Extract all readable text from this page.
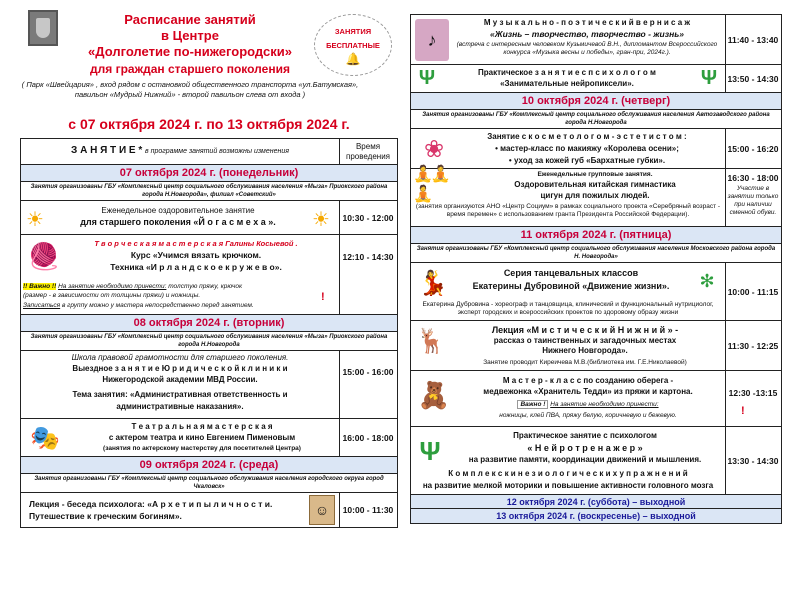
Расписание занятий
в Центре
«Долголетие по-нижегородски»
для граждан старшего поколения
( Парк «Швейцария» , вход рядом с остановкой общественного транспорта «ул.Батумская», павильон «Мудрый Нижний» - второй павильон слева от входа )
ЗАНЯТИЯ
БЕСПЛАТНЫЕ
🔔
с 07 октября 2024 г. по 13 октября 2024 г.
З А Н Я Т И Е * в программе занятий возможны изменения
Время проведения
07 октября 2024 г. (понедельник)
Занятия организованы ГБУ «Комплексный центр социального обслуживания населения «Мыза» Приокского района города Н.Новгорода», филиал «Советский»
☀	☀
Еженедельное оздоровительное занятие
для старшего поколения «Й о г а с м е х а ».	10:30 - 12:00
🧶	Т в о р ч е с к а я м а с т е р с к а я Галины Косыевой .
Курс «Учимся вязать крючком.
Техника «И р л а н д с к о е к р у ж е в о».
!! Важно !! На занятие необходимо принести: толстую пряжу, крючок
(размер - в зависимости от толщины пряжи) и ножницы.
Записаться в группу можно у мастера непосредственно перед занятием.
!
12:10 - 14:30
08 октября 2024 г. (вторник)
Занятия организованы ГБУ «Комплексный центр социального обслуживания населения «Мыза» Приокского района города Н.Новгорода
Школа правовой грамотности для старшего поколения.
Выездное з а н я т и е Ю р и д и ч е с к о й к л и н и к и
Нижегородской академии МВД России.
Тема занятия: «Административная ответственность и
административные наказания».
15:00 - 16:00
🎭	Т е а т р а л ь н а я м а с т е р с к а я
с актером театра и кино Евгением Пименовым
(занятия по актерскому мастерству для посетителей Центра)
16:00 - 18:00
09 октября 2024 г. (среда)
Занятия организованы ГБУ «Комплексный центр социального обслуживания населения городского округа город Чкаловск»
Лекция - беседа психолога: «А р х е т и п ы л и ч н о с т и.
Путешествие к греческим богиням».	☺	10:00 - 11:30
♪
М у з ы к а л ь н о - п о э т и ч е с к и й в е р н и с а ж
«Жизнь – творчество, творчество - жизнь»
(встреча с интересным человеком Кузьмичевой В.Н., дипломантом Всероссийского конкурса «Музыка весны и победы», гран-при, 2024г.).
11:40 - 13:40
Ψ	Ψ
Практическое з а н я т и е с п с и х о л о г о м
«Занимательные нейропиксели».	13:50 - 14:30
10 октября 2024 г. (четверг)
Занятия организованы ГБУ «Комплексный центр социального обслуживания населения Автозаводского района города Н.Новгорода
❀	Занятие с к о с м е т о л о г о м - э с т е т и с т о м :
• мастер-класс по макияжу «Королева осени»;
• уход за кожей губ «Бархатные губки».
15:00 - 16:20
🧘🧘🧘
Еженедельные групповые занятия.
Оздоровительная китайская гимнастика
цигун для пожилых людей.
(занятия организуются АНО «Центр Социум» в рамках социального проекта «Серебряный возраст - время перемен» с использованием гранта Президента Российской Федерации).
16:30 - 18:00
Участие в занятии только при наличии сменной обуви.
11 октября 2024 г. (пятница)
Занятия организованы ГБУ «Комплексный центр социального обслуживания населения Московского района города Н. Новгорода»
💃	✻
Серия танцевальных классов
Екатерины Дубровиной «Движение жизни».
Екатерина Дубровина - хореограф и танцовщица, клинический и функциональный нутрициолог, эксперт городских и всероссийских проектов по здоровому образу жизни
10:00 - 11:15
🦌	Лекция «М и с т и ч е с к и й Н и ж н и й » -
рассказ о таинственных и загадочных местах
Нижнего Новгорода».
Занятие проводит Киреичева М.В.(библиотека им. Г.Е.Николаевой)
11:30 - 12:25
🧸	М а с т е р - к л а с с по созданию оберега -
медвежонка «Хранитель Тедди» из пряжи и картона.
Важно ! На занятие необходимо принести:
ножницы, клей ПВА, пряжу белую, коричневую и бежевую.	!
12:30 -13:15
Ψ	Практическое занятие с психологом
« Н е й р о т р е н а ж е р »
на развитие памяти, координации движений и мышления.
К о м п л е к с к и н е з и о л о г и ч е с к и х у п р а ж н е н и й
на развитие мелкой моторики и повышение активности головного мозга
13:30 - 14:30
12 октября 2024 г. (суббота) – выходной
13 октября 2024 г. (воскресенье) – выходной
